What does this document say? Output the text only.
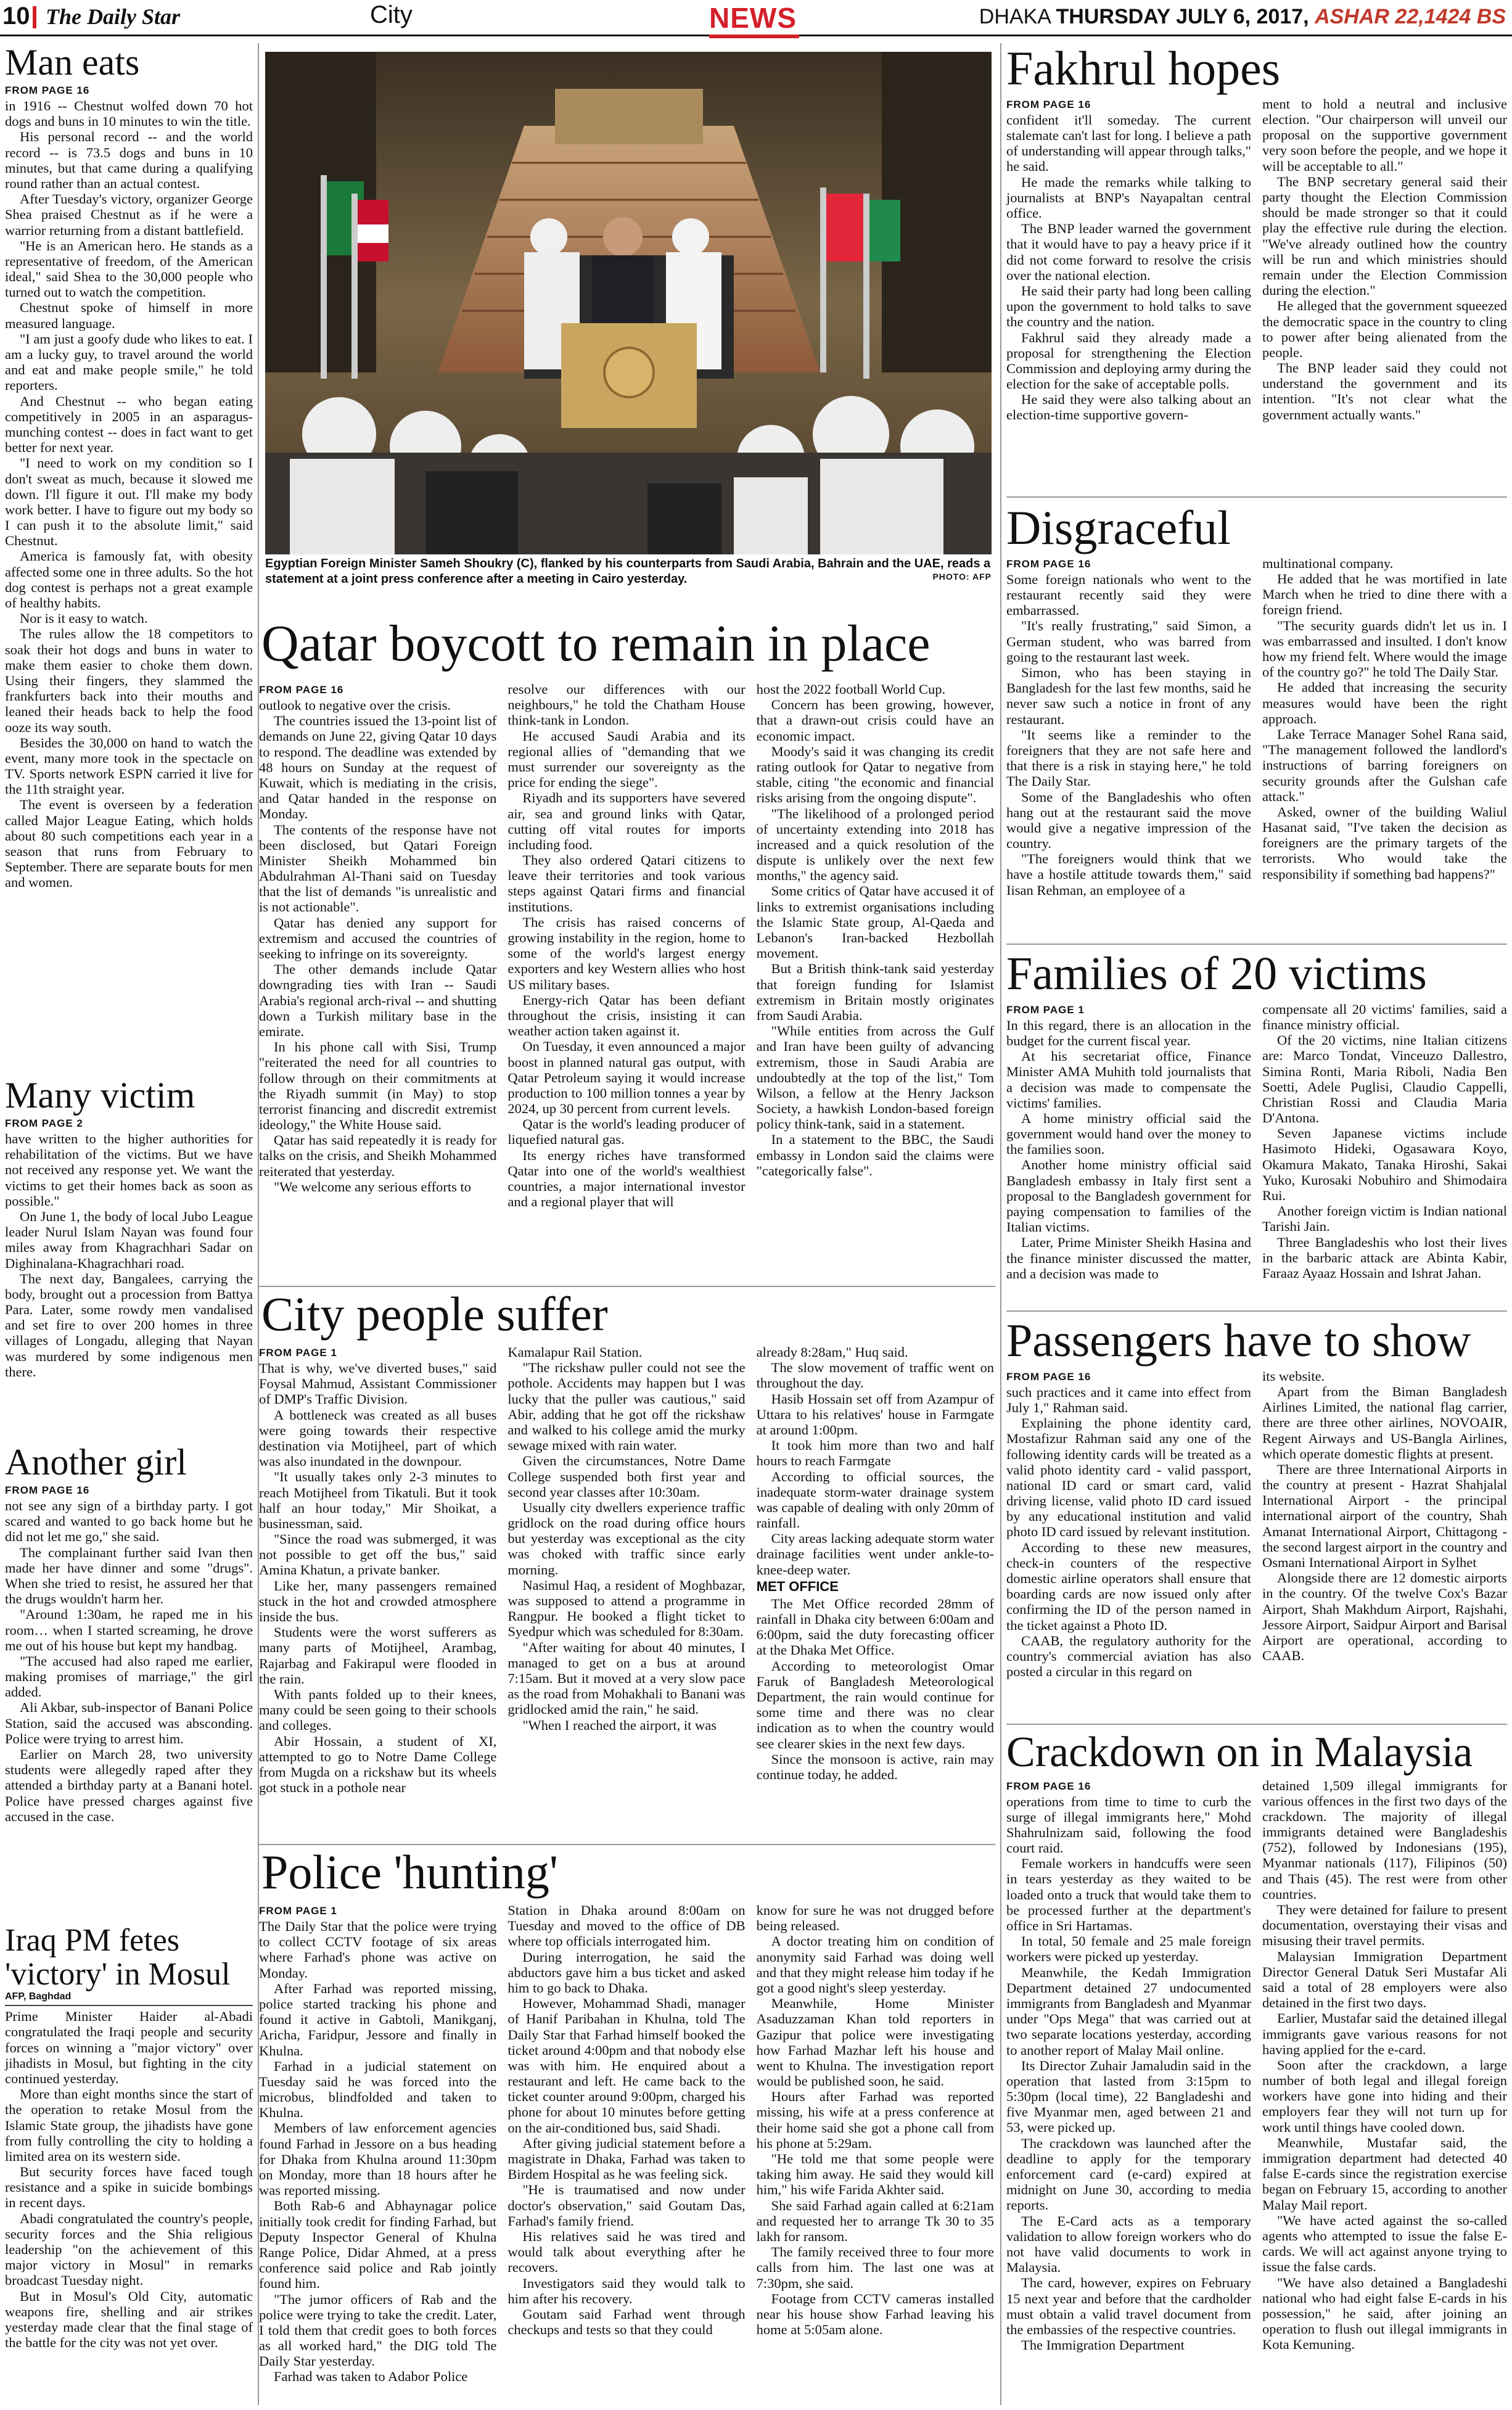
10 The Daily Star	City	NEWS	DHAKA THURSDAY JULY 6, 2017, ASHAR 22,1424 BS
Man eats
FROM PAGE 16

in 1916 -- Chestnut wolfed down 70 hot dogs and buns in 10 minutes to win the title.

His personal record -- and the world record -- is 73.5 dogs and buns in 10 minutes, but that came during a qualifying round rather than an actual contest.

After Tuesday's victory, organizer George Shea praised Chestnut as if he were a warrior returning from a distant battlefield.

"He is an American hero. He stands as a representative of freedom, of the American ideal," said Shea to the 30,000 people who turned out to watch the competition.

Chestnut spoke of himself in more measured language.

"I am just a goofy dude who likes to eat. I am a lucky guy, to travel around the world and eat and make people smile," he told reporters.

And Chestnut -- who began eating competitively in 2005 in an asparagus-munching contest -- does in fact want to get better for next year.

"I need to work on my condition so I don't sweat as much, because it slowed me down. I'll figure it out. I'll make my body work better. I have to figure out my body so I can push it to the absolute limit," said Chestnut.

America is famously fat, with obesity affected some one in three adults. So the hot dog contest is perhaps not a great example of healthy habits.

Nor is it easy to watch.

The rules allow the 18 competitors to soak their hot dogs and buns in water to make them easier to choke them down. Using their fingers, they slammed the frankfurters back into their mouths and leaned their heads back to help the food ooze its way south.

Besides the 30,000 on hand to watch the event, many more took in the spectacle on TV. Sports network ESPN carried it live for the 11th straight year.

The event is overseen by a federation called Major League Eating, which holds about 80 such competitions each year in a season that runs from February to September. There are separate bouts for men and women.

Many victim
FROM PAGE 2

have written to the higher authorities for rehabilitation of the victims. But we have not received any response yet. We want the victims to get their homes back as soon as possible."

On June 1, the body of local Jubo League leader Nurul Islam Nayan was found four miles away from Khagrachhari Sadar on Dighinalana-Khagrachhari road.

The next day, Bangalees, carrying the body, brought out a procession from Battya Para. Later, some rowdy men vandalised and set fire to over 200 homes in three villages of Longadu, alleging that Nayan was murdered by some indigenous men there.

Another girl
FROM PAGE 16

not see any sign of a birthday party. I got scared and wanted to go back home but he did not let me go," she said.

The complainant further said Ivan then made her have dinner and some "drugs". When she tried to resist, he assured her that the drugs wouldn't harm her.

"Around 1:30am, he raped me in his room… when I started screaming, he drove me out of his house but kept my handbag.

"The accused had also raped me earlier, making promises of marriage," the girl added.

Ali Akbar, sub-inspector of Banani Police Station, said the accused was absconding. Police were trying to arrest him.

Earlier on March 28, two university students were allegedly raped after they attended a birthday party at a Banani hotel. Police have pressed charges against five accused in the case.

Iraq PM fetes 'victory' in Mosul
AFP, Baghdad

Prime Minister Haider al-Abadi congratulated the Iraqi people and security forces on winning a "major victory" over jihadists in Mosul, but fighting in the city continued yesterday.

More than eight months since the start of the operation to retake Mosul from the Islamic State group, the jihadists have gone from fully controlling the city to holding a limited area on its western side.

But security forces have faced tough resistance and a spike in suicide bombings in recent days.

Abadi congratulated the country's people, security forces and the Shia religious leadership "on the achievement of this major victory in Mosul" in remarks broadcast Tuesday night.

But in Mosul's Old City, automatic weapons fire, shelling and air strikes yesterday made clear that the final stage of the battle for the city was not yet over.

Egyptian Foreign Minister Sameh Shoukry (C), flanked by his counterparts from Saudi Arabia, Bahrain and the UAE, reads a statement at a joint press conference after a meeting in Cairo yesterday.	PHOTO: AFP
Qatar boycott to remain in place
FROM PAGE 16

outlook to negative over the crisis.

The countries issued the 13-point list of demands on June 22, giving Qatar 10 days to respond. The deadline was extended by 48 hours on Sunday at the request of Kuwait, which is mediating in the crisis, and Qatar handed in the response on Monday.

The contents of the response have not been disclosed, but Qatari Foreign Minister Sheikh Mohammed bin Abdulrahman Al-Thani said on Tuesday that the list of demands "is unrealistic and is not actionable".

Qatar has denied any support for extremism and accused the countries of seeking to infringe on its sovereignty.

The other demands include Qatar downgrading ties with Iran -- Saudi Arabia's regional arch-rival -- and shutting down a Turkish military base in the emirate.

In his phone call with Sisi, Trump "reiterated the need for all countries to follow through on their commitments at the Riyadh summit (in May) to stop terrorist financing and discredit extremist ideology," the White House said.

Qatar has said repeatedly it is ready for talks on the crisis, and Sheikh Mohammed reiterated that yesterday.

"We welcome any serious efforts to

resolve our differences with our neighbours," he told the Chatham House think-tank in London.

He accused Saudi Arabia and its regional allies of "demanding that we must surrender our sovereignty as the price for ending the siege".

Riyadh and its supporters have severed air, sea and ground links with Qatar, cutting off vital routes for imports including food.

They also ordered Qatari citizens to leave their territories and took various steps against Qatari firms and financial institutions.

The crisis has raised concerns of growing instability in the region, home to some of the world's largest energy exporters and key Western allies who host US military bases.

Energy-rich Qatar has been defiant throughout the crisis, insisting it can weather action taken against it.

On Tuesday, it even announced a major boost in planned natural gas output, with Qatar Petroleum saying it would increase production to 100 million tonnes a year by 2024, up 30 percent from current levels.

Qatar is the world's leading producer of liquefied natural gas.

Its energy riches have transformed Qatar into one of the world's wealthiest countries, a major international investor and a regional player that will

host the 2022 football World Cup.

Concern has been growing, however, that a drawn-out crisis could have an economic impact.

Moody's said it was changing its credit rating outlook for Qatar to negative from stable, citing "the economic and financial risks arising from the ongoing dispute".

"The likelihood of a prolonged period of uncertainty extending into 2018 has increased and a quick resolution of the dispute is unlikely over the next few months," the agency said.

Some critics of Qatar have accused it of links to extremist organisations including the Islamic State group, Al-Qaeda and Lebanon's Iran-backed Hezbollah movement.

But a British think-tank said yesterday that foreign funding for Islamist extremism in Britain mostly originates from Saudi Arabia.

"While entities from across the Gulf and Iran have been guilty of advancing extremism, those in Saudi Arabia are undoubtedly at the top of the list," Tom Wilson, a fellow at the Henry Jackson Society, a hawkish London-based foreign policy think-tank, said in a statement.

In a statement to the BBC, the Saudi embassy in London said the claims were "categorically false".

City people suffer
FROM PAGE 1

That is why, we've diverted buses," said Foysal Mahmud, Assistant Commissioner of DMP's Traffic Division.

A bottleneck was created as all buses were going towards their respective destination via Motijheel, part of which was also inundated in the downpour.

"It usually takes only 2-3 minutes to reach Motijheel from Tikatuli. But it took half an hour today," Mir Shoikat, a businessman, said.

"Since the road was submerged, it was not possible to get off the bus," said Amina Khatun, a private banker.

Like her, many passengers remained stuck in the hot and crowded atmosphere inside the bus.

Students were the worst sufferers as many parts of Motijheel, Arambag, Rajarbag and Fakirapul were flooded in the rain.

With pants folded up to their knees, many could be seen going to their schools and colleges.

Abir Hossain, a student of XI, attempted to go to Notre Dame College from Mugda on a rickshaw but its wheels got stuck in a pothole near

Kamalapur Rail Station.

"The rickshaw puller could not see the pothole. Accidents may happen but I was lucky that the puller was cautious," said Abir, adding that he got off the rickshaw and walked to his college amid the murky sewage mixed with rain water.

Given the circumstances, Notre Dame College suspended both first year and second year classes after 10:30am.

Usually city dwellers experience traffic gridlock on the road during office hours but yesterday was exceptional as the city was choked with traffic since early morning.

Nasimul Haq, a resident of Moghbazar, was supposed to attend a programme in Rangpur. He booked a flight ticket to Syedpur which was scheduled for 8:30am.

"After waiting for about 40 minutes, I managed to get on a bus at around 7:15am. But it moved at a very slow pace as the road from Mohakhali to Banani was gridlocked amid the rain," he said.

"When I reached the airport, it was

already 8:28am," Huq said.

The slow movement of traffic went on throughout the day.

Hasib Hossain set off from Azampur of Uttara to his relatives' house in Farmgate at around 1:00pm.

It took him more than two and half hours to reach Farmgate

According to official sources, the inadequate storm-water drainage system was capable of dealing with only 20mm of rainfall.

City areas lacking adequate storm water drainage facilities went under ankle-to-knee-deep water.

MET OFFICE

The Met Office recorded 28mm of rainfall in Dhaka city between 6:00am and 6:00pm, said the duty forecasting officer at the Dhaka Met Office.

According to meteorologist Omar Faruk of Bangladesh Meteorological Department, the rain would continue for some time and there was no clear indication as to when the country would see clearer skies in the next few days.

Since the monsoon is active, rain may continue today, he added.

Police 'hunting'
FROM PAGE 1

The Daily Star that the police were trying to collect CCTV footage of six areas where Farhad's phone was active on Monday.

After Farhad was reported missing, police started tracking his phone and found it active in Gabtoli, Manikganj, Aricha, Faridpur, Jessore and finally in Khulna.

Farhad in a judicial statement on Tuesday said he was forced into the microbus, blindfolded and taken to Khulna.

Members of law enforcement agencies found Farhad in Jessore on a bus heading for Dhaka from Khulna around 11:30pm on Monday, more than 18 hours after he was reported missing.

Both Rab-6 and Abhaynagar police initially took credit for finding Farhad, but Deputy Inspector General of Khulna Range Police, Didar Ahmed, at a press conference said police and Rab jointly found him.

"The jumor officers of Rab and the police were trying to take the credit. Later, I told them that credit goes to both forces as all worked hard," the DIG told The Daily Star yesterday.

Farhad was taken to Adabor Police

Station in Dhaka around 8:00am on Tuesday and moved to the office of DB where top officials interrogated him.

During interrogation, he said the abductors gave him a bus ticket and asked him to go back to Dhaka.

However, Mohammad Shadi, manager of Hanif Paribahan in Khulna, told The Daily Star that Farhad himself booked the ticket around 4:00pm and that nobody else was with him. He enquired about a restaurant and left. He came back to the ticket counter around 9:00pm, charged his phone for about 10 minutes before getting on the air-conditioned bus, said Shadi.

After giving judicial statement before a magistrate in Dhaka, Farhad was taken to Birdem Hospital as he was feeling sick.

"He is traumatised and now under doctor's observation," said Goutam Das, Farhad's family friend.

His relatives said he was tired and would talk about everything after he recovers.

Investigators said they would talk to him after his recovery.

Goutam said Farhad went through checkups and tests so that they could

know for sure he was not drugged before being released.

A doctor treating him on condition of anonymity said Farhad was doing well and that they might release him today if he got a good night's sleep yesterday.

Meanwhile, Home Minister Asaduzzaman Khan told reporters in Gazipur that police were investigating how Farhad Mazhar left his house and went to Khulna. The investigation report would be published soon, he said.

Hours after Farhad was reported missing, his wife at a press conference at their home said she got a phone call from his phone at 5:29am.

"He told me that some people were taking him away. He said they would kill him," his wife Farida Akhter said.

She said Farhad again called at 6:21am and requested her to arrange Tk 30 to 35 lakh for ransom.

The family received three to four more calls from him. The last one was at 7:30pm, she said.

Footage from CCTV cameras installed near his house show Farhad leaving his home at 5:05am alone.

Fakhrul hopes
FROM PAGE 16

confident it'll someday. The current stalemate can't last for long. I believe a path of understanding will appear through talks," he said.

He made the remarks while talking to journalists at BNP's Nayapaltan central office.

The BNP leader warned the government that it would have to pay a heavy price if it did not come forward to resolve the crisis over the national election.

He said their party had long been calling upon the government to hold talks to save the country and the nation.

Fakhrul said they already made a proposal for strengthening the Election Commission and deploying army during the election for the sake of acceptable polls.

He said they were also talking about an election-time supportive govern-

ment to hold a neutral and inclusive election. "Our chairperson will unveil our proposal on the supportive government very soon before the people, and we hope it will be acceptable to all."

The BNP secretary general said their party thought the Election Commission should be made stronger so that it could play the effective rule during the election. "We've already outlined how the country will be run and which ministries should remain under the Election Commission during the election."

He alleged that the government squeezed the democratic space in the country to cling to power after being alienated from the people.

The BNP leader said they could not understand the government and its intention. "It's not clear what the government actually wants."

Disgraceful
FROM PAGE 16

Some foreign nationals who went to the restaurant recently said they were embarrassed.

"It's really frustrating," said Simon, a German student, who was barred from going to the restaurant last week.

Simon, who has been staying in Bangladesh for the last few months, said he never saw such a notice in front of any restaurant.

"It seems like a reminder to the foreigners that they are not safe here and that there is a risk in staying here," he told The Daily Star.

Some of the Bangladeshis who often hang out at the restaurant said the move would give a negative impression of the country.

"The foreigners would think that we have a hostile attitude towards them," said Iisan Rehman, an employee of a

multinational company.

He added that he was mortified in late March when he tried to dine there with a foreign friend.

"The security guards didn't let us in. I was embarrassed and insulted. I don't know how my friend felt. Where would the image of the country go?" he told The Daily Star.

He added that increasing the security measures would have been the right approach.

Lake Terrace Manager Sohel Rana said, "The management followed the landlord's instructions of barring foreigners on security grounds after the Gulshan cafe attack."

Asked, owner of the building Waliul Hasanat said, "I've taken the decision as foreigners are the primary targets of the terrorists. Who would take the responsibility if something bad happens?"

Families of 20 victims
FROM PAGE 1

In this regard, there is an allocation in the budget for the current fiscal year.

At his secretariat office, Finance Minister AMA Muhith told journalists that a decision was made to compensate the victims' families.

A home ministry official said the government would hand over the money to the families soon.

Another home ministry official said Bangladesh embassy in Italy first sent a proposal to the Bangladesh government for paying compensation to families of the Italian victims.

Later, Prime Minister Sheikh Hasina and the finance minister discussed the matter, and a decision was made to

compensate all 20 victims' families, said a finance ministry official.

Of the 20 victims, nine Italian citizens are: Marco Tondat, Vinceuzo Dallestro, Simina Ronti, Maria Riboli, Nadia Ben Soetti, Adele Puglisi, Claudio Cappelli, Christian Rossi and Claudia Maria D'Antona.

Seven Japanese victims include Hasimoto Hideki, Ogasawara Koyo, Okamura Makato, Tanaka Hiroshi, Sakai Yuko, Kurosaki Nobuhiro and Shimodaira Rui.

Another foreign victim is Indian national Tarishi Jain.

Three Bangladeshis who lost their lives in the barbaric attack are Abinta Kabir, Faraaz Ayaaz Hossain and Ishrat Jahan.

Passengers have to show
FROM PAGE 16

such practices and it came into effect from July 1," Rahman said.

Explaining the phone identity card, Mostafizur Rahman said any one of the following identity cards will be treated as a valid photo identity card - valid passport, national ID card or smart card, valid driving license, valid photo ID card issued by any educational institution and valid photo ID card issued by relevant institution.

According to these new measures, check-in counters of the respective domestic airline operators shall ensure that boarding cards are now issued only after confirming the ID of the person named in the ticket against a Photo ID.

CAAB, the regulatory authority for the country's commercial aviation has also posted a circular in this regard on

its website.

Apart from the Biman Bangladesh Airlines Limited, the national flag carrier, there are three other airlines, NOVOAIR, Regent Airways and US-Bangla Airlines, which operate domestic flights at present.

There are three International Airports in the country at present - Hazrat Shahjalal International Airport - the principal international airport of the country, Shah Amanat International Airport, Chittagong - the second largest airport in the country and Osmani International Airport in Sylhet

Alongside there are 12 domestic airports in the country. Of the twelve Cox's Bazar Airport, Shah Makhdum Airport, Rajshahi, Jessore Airport, Saidpur Airport and Barisal Airport are operational, according to CAAB.

Crackdown on in Malaysia
FROM PAGE 16

operations from time to time to curb the surge of illegal immigrants here," Mohd Shahrulnizam said, following the food court raid.

Female workers in handcuffs were seen in tears yesterday as they waited to be loaded onto a truck that would take them to be processed further at the department's office in Sri Hartamas.

In total, 50 female and 25 male foreign workers were picked up yesterday.

Meanwhile, the Kedah Immigration Department detained 27 undocumented immigrants from Bangladesh and Myanmar under "Ops Mega" that was carried out at two separate locations yesterday, according to another report of Malay Mail online.

Its Director Zuhair Jamaludin said in the operation that lasted from 3:15pm to 5:30pm (local time), 22 Bangladeshi and five Myanmar men, aged between 21 and 53, were picked up.

The crackdown was launched after the deadline to apply for the temporary enforcement card (e-card) expired at midnight on June 30, according to media reports.

The E-Card acts as a temporary validation to allow foreign workers who do not have valid documents to work in Malaysia.

The card, however, expires on February 15 next year and before that the cardholder must obtain a valid travel document from the embassies of the respective countries.

The Immigration Department

detained 1,509 illegal immigrants for various offences in the first two days of the crackdown. The majority of illegal immigrants detained were Bangladeshis (752), followed by Indonesians (195), Myanmar nationals (117), Filipinos (50) and Thais (45). The rest were from other countries.

They were detained for failure to present documentation, overstaying their visas and misusing their travel permits.

Malaysian Immigration Department Director General Datuk Seri Mustafar Ali said a total of 28 employers were also detained in the first two days.

Earlier, Mustafar said the detained illegal immigrants gave various reasons for not having applied for the e-card.

Soon after the crackdown, a large number of both legal and illegal foreign workers have gone into hiding and their employers fear they will not turn up for work until things have cooled down.

Meanwhile, Mustafar said, the immigration department had detected 40 false E-cards since the registration exercise began on February 15, according to another Malay Mail report.

"We have acted against the so-called agents who attempted to issue the false E-cards. We will act against anyone trying to issue the false cards.

"We have also detained a Bangladeshi national who had eight false E-cards in his possession," he said, after joining an operation to flush out illegal immigrants in Kota Kemuning.
